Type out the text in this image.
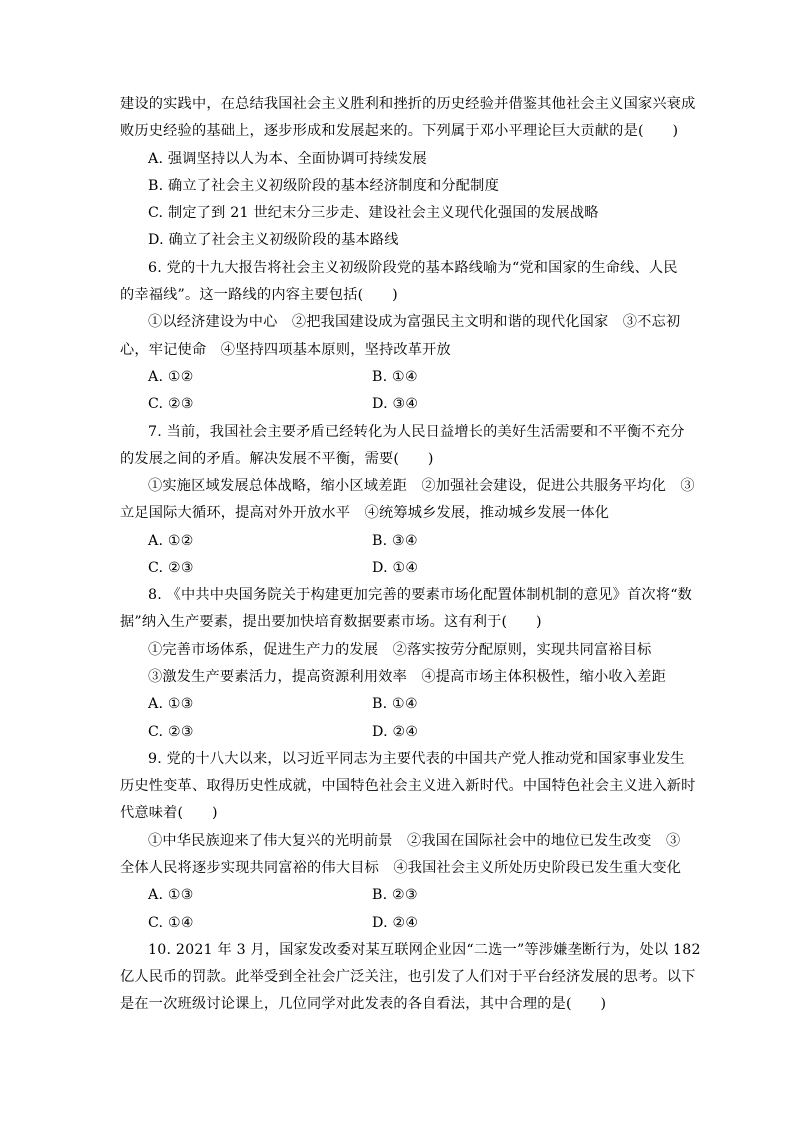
建设的实践中，在总结我国社会主义胜利和挫折的历史经验并借鉴其他社会主义国家兴衰成
败历史经验的基础上，逐步形成和发展起来的。下列属于邓小平理论巨大贡献的是(　　)
A. 强调坚持以人为本、全面协调可持续发展
B. 确立了社会主义初级阶段的基本经济制度和分配制度
C. 制定了到 21 世纪末分三步走、建设社会主义现代化强国的发展战略
D. 确立了社会主义初级阶段的基本路线
6. 党的十九大报告将社会主义初级阶段党的基本路线喻为“党和国家的生命线、人民
的幸福线”。这一路线的内容主要包括(　　)
①以经济建设为中心　②把我国建设成为富强民主文明和谐的现代化国家　③不忘初
心，牢记使命　④坚持四项基本原则，坚持改革开放
A. ①②	B. ①④
C. ②③	D. ③④
7. 当前，我国社会主要矛盾已经转化为人民日益增长的美好生活需要和不平衡不充分
的发展之间的矛盾。解决发展不平衡，需要(　　)
①实施区域发展总体战略，缩小区域差距　②加强社会建设，促进公共服务平均化　③
立足国际大循环，提高对外开放水平　④统筹城乡发展，推动城乡发展一体化
A. ①②	B. ③④
C. ②③	D. ①④
8. 《中共中央国务院关于构建更加完善的要素市场化配置体制机制的意见》首次将“数
据”纳入生产要素，提出要加快培育数据要素市场。这有利于(　　)
①完善市场体系，促进生产力的发展　②落实按劳分配原则，实现共同富裕目标
③激发生产要素活力，提高资源利用效率　④提高市场主体积极性，缩小收入差距
A. ①③	B. ①④
C. ②③	D. ②④
9. 党的十八大以来，以习近平同志为主要代表的中国共产党人推动党和国家事业发生
历史性变革、取得历史性成就，中国特色社会主义进入新时代。中国特色社会主义进入新时
代意味着(　　)
①中华民族迎来了伟大复兴的光明前景　②我国在国际社会中的地位已发生改变　③
全体人民将逐步实现共同富裕的伟大目标　④我国社会主义所处历史阶段已发生重大变化
A. ①③	B. ②③
C. ①④	D. ②④
10. 2021 年 3 月，国家发改委对某互联网企业因“二选一”等涉嫌垄断行为，处以 182
亿人民币的罚款。此举受到全社会广泛关注，也引发了人们对于平台经济发展的思考。以下
是在一次班级讨论课上，几位同学对此发表的各自看法，其中合理的是(　　)
